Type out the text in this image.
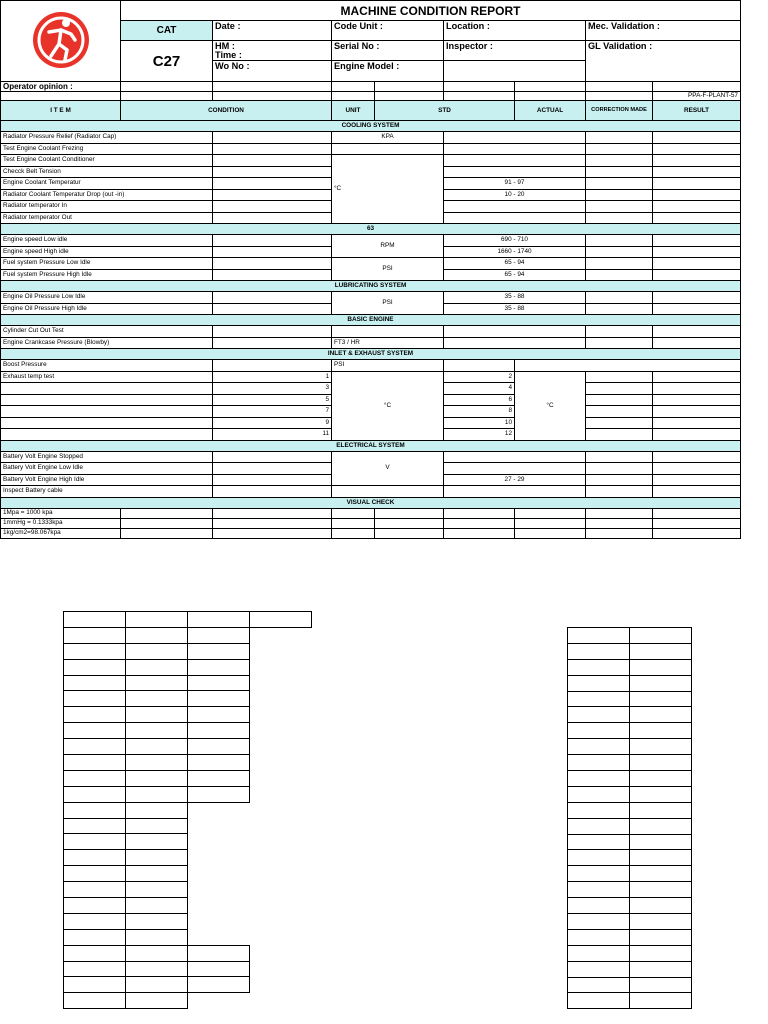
	MACHINE CONDITION REPORT								
	CAT	Date :	Code Unit :		Location :		Mec. Validation :		
	C27	HM :
Time :	Serial No :		Inspector :		GL Validation :		
		Wo No :	Engine Model :						
Operator opinion :									
								PPA-F-PLANT-57	
I T E M	CONDITION		UNIT	STD		ACTUAL	CORRECTION MADE	RESULT	
COOLING SYSTEM									
Radiator Pressure Relief (Radiator Cap)			KPA						
Test Engine Coolant Frezing									
Test Engine Coolant Conditioner			°C						
Checck Belt Tension									
Engine Coolant Temperatur					91 - 97				
Radiator Coolant Temperatur Drop (out -in)					10 - 20				
Radiator temperator In									
Radiator temperator Out									
63									
Engine speed Low idle			RPM		690 - 710				
Engine speed High idle					1660 - 1740				
Fuel system Pressure Low Idle			PSI		65 - 94				
Fuel system Pressure High Idle					65 - 94				
LUBRICATING SYSTEM									
Engine Oil Pressure Low Idle			PSI		35 - 88				
Engine Oil Pressure High Idle					35 - 88				
BASIC ENGINE									
Cylinder Cut Out Test									
Engine Crankcase Pressure (Blowby)			FT3 / HR						
INLET & EXHAUST SYSTEM									
Boost Pressure			PSI						
Exhaust temp test		1	°C		2	°C			
		3			4				
		5			6				
		7			8				
		9			10				
		11			12				
ELECTRICAL SYSTEM									
Battery Volt Engine Stopped			V						
Battery Volt Engine Low Idle									
Battery Volt Engine High Idle					27 - 29				
Inspect Battery cable									
VISUAL CHECK									
1Mpa = 1000 kpa									
1mmHg = 0.1333kpa									
1kg/cm2=98.067kpa									
